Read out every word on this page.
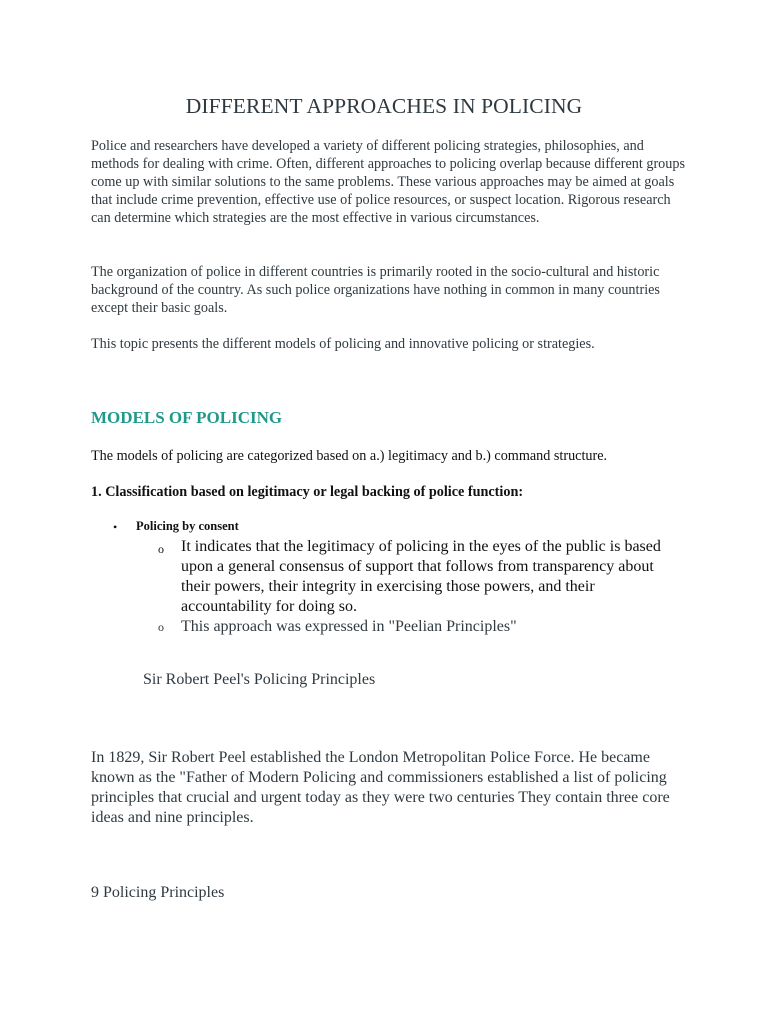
DIFFERENT APPROACHES IN POLICING

Police and researchers have developed a variety of different policing strategies, philosophies, and methods for dealing with crime. Often, different approaches to policing overlap because different groups come up with similar solutions to the same problems. These various approaches may be aimed at goals that include crime prevention, effective use of police resources, or suspect location. Rigorous research can determine which strategies are the most effective in various circumstances.

The organization of police in different countries is primarily rooted in the socio-cultural and historic background of the country. As such police organizations have nothing in common in many countries except their basic goals.

This topic presents the different models of policing and innovative policing or strategies.

MODELS OF POLICING

The models of policing are categorized based on a.) legitimacy and b.) command structure.

1. Classification based on legitimacy or legal backing of police function:

• Policing by consent

o It indicates that the legitimacy of policing in the eyes of the public is based upon a general consensus of support that follows from transparency about their powers, their integrity in exercising those powers, and their accountability for doing so.

o This approach was expressed in "Peelian Principles"

Sir Robert Peel's Policing Principles

In 1829, Sir Robert Peel established the London Metropolitan Police Force. He became known as the "Father of Modern Policing and commissioners established a list of policing principles that crucial and urgent today as they were two centuries They contain three core ideas and nine principles.

9 Policing Principles
